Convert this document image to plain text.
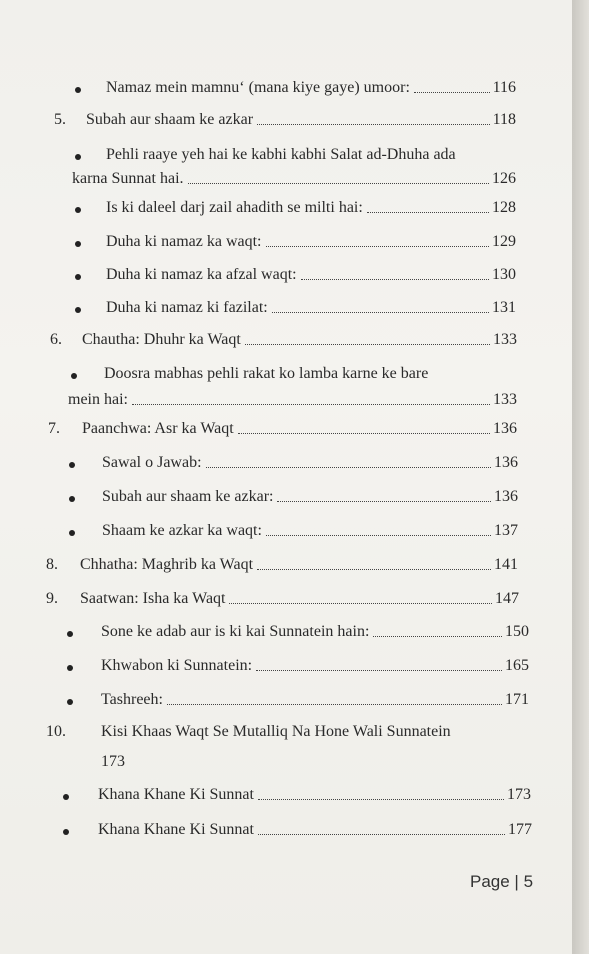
Namaz mein mamnu‘ (mana kiye gaye) umoor:	116
5.	Subah aur shaam ke azkar	118
Pehli raaye yeh hai ke kabhi kabhi Salat ad-Dhuha ada
karna Sunnat hai.	126
Is ki daleel darj zail ahadith se milti hai:	128
Duha ki namaz ka waqt:	129
Duha ki namaz ka afzal waqt:	130
Duha ki namaz ki fazilat:	131
6.	Chautha: Dhuhr ka Waqt	133
Doosra mabhas pehli rakat ko lamba karne ke bare
mein hai:	133
7.	Paanchwa: Asr ka Waqt	136
Sawal o Jawab:	136
Subah aur shaam ke azkar:	136
Shaam ke azkar ka waqt:	137
8.	Chhatha: Maghrib ka Waqt	141
9.	Saatwan: Isha ka Waqt	147
Sone ke adab aur is ki kai Sunnatein hain:	150
Khwabon ki Sunnatein:	165
Tashreeh:	171
10.	Kisi Khaas Waqt Se Mutalliq Na Hone Wali Sunnatein
173
Khana Khane Ki Sunnat	173
Khana Khane Ki Sunnat	177
Page | 5
